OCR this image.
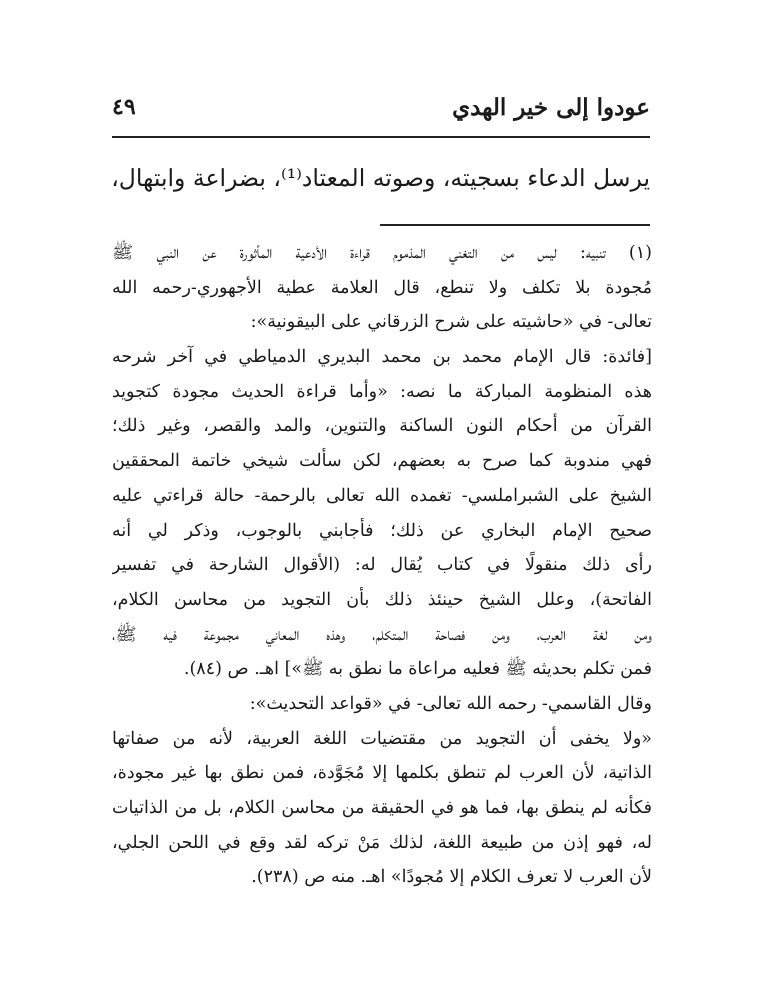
عودوا إلى خير الهدي
٤٩
يرسل الدعاء بسجيته، وصوته المعتاد⁽¹⁾، بضراعة وابتهال،
(١) تنبيه: ليس من التغني المذموم قراءة الأدعية المأثورة عن النبي ﷺ
مُجودة بلا تكلف ولا تنطع، قال العلامة عطية الأجهوري-رحمه الله
تعالى- في «حاشيته على شرح الزرقاني على البيقونية»:
[فائدة: قال الإمام محمد بن محمد البديري الدمياطي في آخر شرحه
هذه المنظومة المباركة ما نصه: «وأما قراءة الحديث مجودة كتجويد
القرآن من أحكام النون الساكنة والتنوين، والمد والقصر، وغير ذلك؛
فهي مندوبة كما صرح به بعضهم، لكن سألت شيخي خاتمة المحققين
الشيخ على الشبراملسي- تغمده الله تعالى بالرحمة- حالة قراءتي عليه
صحيح الإمام البخاري عن ذلك؛ فأجابني بالوجوب، وذكر لي أنه
رأى ذلك منقولًا في كتاب يُقال له: (الأقوال الشارحة في تفسير
الفاتحة)، وعلل الشيخ حينئذ ذلك بأن التجويد من محاسن الكلام،
ومن لغة العرب، ومن فصاحة المتكلم، وهذه المعاني مجموعة فيه ﷺ،
فمن تكلم بحديثه ﷺ فعليه مراعاة ما نطق به ﷺ»] اهـ. ص (٨٤).
وقال القاسمي- رحمه الله تعالى- في «قواعد التحديث»:
«ولا يخفى أن التجويد من مقتضيات اللغة العربية، لأنه من صفاتها
الذاتية، لأن العرب لم تنطق بكلمها إلا مُجَوَّدة، فمن نطق بها غير مجودة،
فكأنه لم ينطق بها، فما هو في الحقيقة من محاسن الكلام، بل من الذاتيات
له، فهو إذن من طبيعة اللغة، لذلك مَنْ تركه لقد وقع في اللحن الجلي،
لأن العرب لا تعرف الكلام إلا مُجودًا» اهـ. منه ص (٢٣٨).
